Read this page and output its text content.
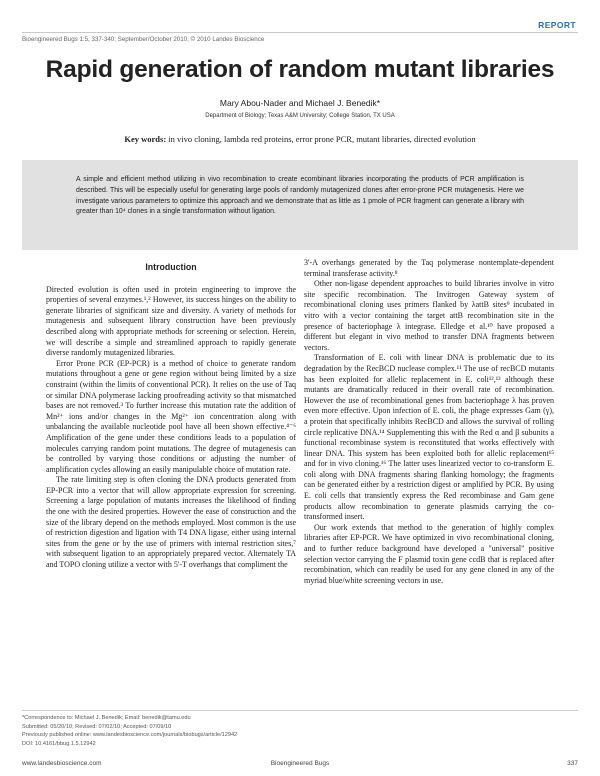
REPORT
Bioengineered Bugs 1:5, 337-340; September/October 2010; © 2010 Landes Bioscience
Rapid generation of random mutant libraries
Mary Abou-Nader and Michael J. Benedik*
Department of Biology; Texas A&M University; College Station, TX USA
Key words: in vivo cloning, lambda red proteins, error prone PCR, mutant libraries, directed evolution
A simple and efficient method utilizing in vivo recombination to create ecombinant libraries incorporating the products of PCR amplification is described. This will be especially useful for generating large pools of randomly mutagenized clones after error-prone PCR mutagenesis. Here we investigate various parameters to optimize this approach and we demonstrate that as little as 1 pmole of PCR fragment can generate a library with greater than 10⁴ clones in a single transformation without ligation.
Introduction

Directed evolution is often used in protein engineering to improve the properties of several enzymes.¹,² However, its success hinges on the ability to generate libraries of significant size and diversity. A variety of methods for mutagenesis and subsequent library construction have been previously described along with appropriate methods for screening or selection. Herein, we will describe a simple and streamlined approach to rapidly generate diverse randomly mutagenized libraries.

Error Prone PCR (EP-PCR) is a method of choice to generate random mutations throughout a gene or gene region without being limited by a size constraint (within the limits of conventional PCR). It relies on the use of Taq or similar DNA polymerase lacking proofreading activity so that mismatched bases are not removed.³ To further increase this mutation rate the addition of Mn²⁺ ions and/or changes in the Mg²⁺ ion concentration along with unbalancing the available nucleotide pool have all been shown effective.⁴⁻⁶ Amplification of the gene under these conditions leads to a population of molecules carrying random point mutations. The degree of mutagenesis can be controlled by varying those conditions or adjusting the number of amplification cycles allowing an easily manipulable choice of mutation rate.

The rate limiting step is often cloning the DNA products generated from EP-PCR into a vector that will allow appropriate expression for screening. Screening a large population of mutants increases the likelihood of finding the one with the desired properties. However the ease of construction and the size of the library depend on the methods employed. Most common is the use of restriction digestion and ligation with T4 DNA ligase, either using internal sites from the gene or by the use of primers with internal restriction sites,⁷ with subsequent ligation to an appropriately prepared vector. Alternately TA and TOPO cloning utilize a vector with 5'-T overhangs that compliment the

3'-A overhangs generated by the Taq polymerase nontemplate-dependent terminal transferase activity.⁸

Other non-ligase dependent approaches to build libraries involve in vitro site specific recombination. The Invitrogen Gateway system of recombinational cloning uses primers flanked by λattB sites⁹ incubated in vitro with a vector containing the target attB recombination site in the presence of bacteriophage λ integrase. Elledge et al.¹⁰ have proposed a different but elegant in vivo method to transfer DNA fragments between vectors.

Transformation of E. coli with linear DNA is problematic due to its degradation by the RecBCD nuclease complex.¹¹ The use of recBCD mutants has been exploited for allelic replacement in E. coli¹²,¹³ although these mutants are dramatically reduced in their overall rate of recombination. However the use of recombinational genes from bacteriophage λ has proven even more effective. Upon infection of E. coli, the phage expresses Gam (γ), a protein that specifically inhibits RecBCD and allows the survival of rolling circle replicative DNA.¹⁴ Supplementing this with the Red α and β subunits a functional recombinase system is reconstituted that works effectively with linear DNA. This system has been exploited both for allelic replacement¹⁵ and for in vivo cloning.¹⁶ The latter uses linearized vector to co-transform E. coli along with DNA fragments sharing flanking homology; the fragments can be generated either by a restriction digest or amplified by PCR. By using E. coli cells that transiently express the Red recombinase and Gam gene products allow recombination to generate plasmids carrying the co-transformed insert.

Our work extends that method to the generation of highly complex libraries after EP-PCR. We have optimized in vivo recombinational cloning, and to further reduce background have developed a "universal" positive selection vector carrying the F plasmid toxin gene ccdB that is replaced after recombination, which can readily be used for any gene cloned in any of the myriad blue/white screening vectors in use.

*Correspondence to: Michael J. Benedik; Email: benedik@tamu.edu
Submitted: 05/20/10; Revised: 07/02/10; Accepted: 07/09/10
Previously published online: www.landesbioscience.com/journals/biobugs/article/12942
DOI: 10.4161/bbug.1.5.12942
www.landesbioscience.com	Bioengineered Bugs	337
